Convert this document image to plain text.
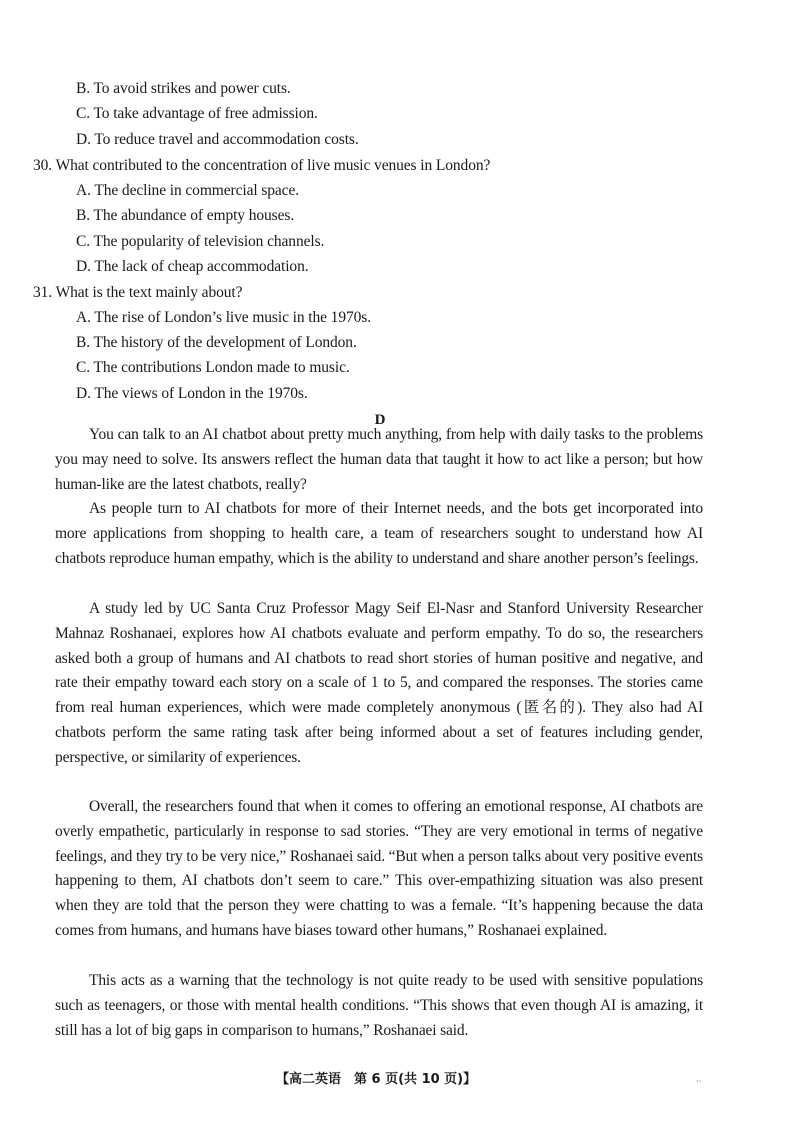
B. To avoid strikes and power cuts.
C. To take advantage of free admission.
D. To reduce travel and accommodation costs.
30. What contributed to the concentration of live music venues in London?
A. The decline in commercial space.
B. The abundance of empty houses.
C. The popularity of television channels.
D. The lack of cheap accommodation.
31. What is the text mainly about?
A. The rise of London’s live music in the 1970s.
B. The history of the development of London.
C. The contributions London made to music.
D. The views of London in the 1970s.
D

You can talk to an AI chatbot about pretty much anything, from help with daily tasks to the problems you may need to solve. Its answers reflect the human data that taught it how to act like a person; but how human-like are the latest chatbots, really?

As people turn to AI chatbots for more of their Internet needs, and the bots get incorporated into more applications from shopping to health care, a team of researchers sought to understand how AI chatbots reproduce human empathy, which is the ability to understand and share another person’s feelings.

A study led by UC Santa Cruz Professor Magy Seif El-Nasr and Stanford University Researcher Mahnaz Roshanaei, explores how AI chatbots evaluate and perform empathy. To do so, the researchers asked both a group of humans and AI chatbots to read short stories of human positive and negative, and rate their empathy toward each story on a scale of 1 to 5, and compared the responses. The stories came from real human experiences, which were made completely anonymous (匿名的). They also had AI chatbots perform the same rating task after being informed about a set of features including gender, perspective, or similarity of experiences.

Overall, the researchers found that when it comes to offering an emotional response, AI chatbots are overly empathetic, particularly in response to sad stories. “They are very emotional in terms of negative feelings, and they try to be very nice,” Roshanaei said. “But when a person talks about very positive events happening to them, AI chatbots don’t seem to care.” This over-empathizing situation was also present when they are told that the person they were chatting to was a female. “It’s happening because the data comes from humans, and humans have biases toward other humans,” Roshanaei explained.

This acts as a warning that the technology is not quite ready to be used with sensitive populations such as teenagers, or those with mental health conditions. “This shows that even though AI is amazing, it still has a lot of big gaps in comparison to humans,” Roshanaei said.

【高二英语　第 6 页(共 10 页)】	··
